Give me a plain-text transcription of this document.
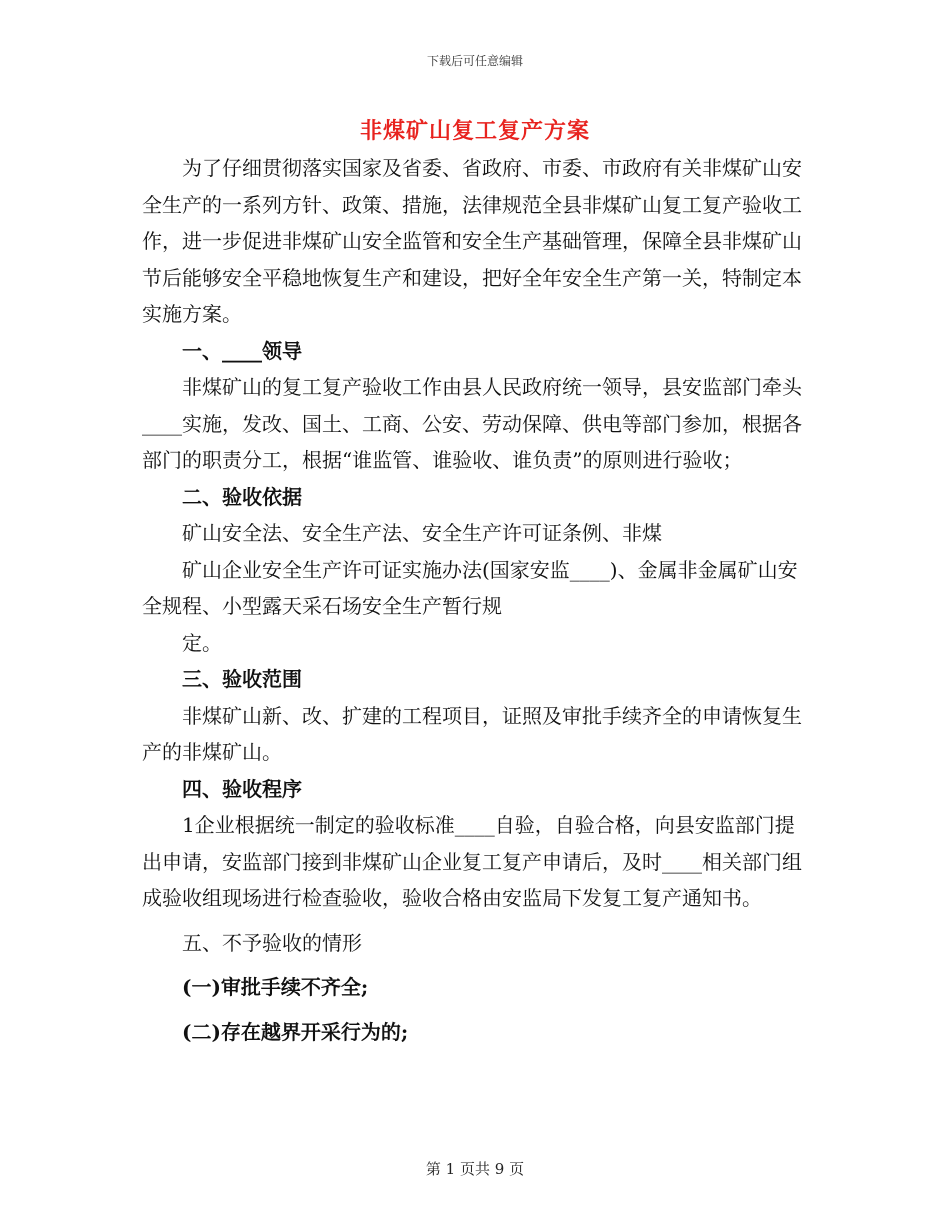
下载后可任意编辑
非煤矿山复工复产方案

为了仔细贯彻落实国家及省委、省政府、市委、市政府有关非煤矿山安全生产的一系列方针、政策、措施，法律规范全县非煤矿山复工复产验收工作，进一步促进非煤矿山安全监管和安全生产基础管理，保障全县非煤矿山节后能够安全平稳地恢复生产和建设，把好全年安全生产第一关，特制定本实施方案。

一、____领导

非煤矿山的复工复产验收工作由县人民政府统一领导，县安监部门牵头____实施，发改、国土、工商、公安、劳动保障、供电等部门参加，根据各部门的职责分工，根据“谁监管、谁验收、谁负责”的原则进行验收；

二、验收依据

矿山安全法、安全生产法、安全生产许可证条例、非煤

矿山企业安全生产许可证实施办法(国家安监____)、金属非金属矿山安全规程、小型露天采石场安全生产暂行规

定。

三、验收范围

非煤矿山新、改、扩建的工程项目，证照及审批手续齐全的申请恢复生产的非煤矿山。

四、验收程序

1企业根据统一制定的验收标准____自验，自验合格，向县安监部门提出申请，安监部门接到非煤矿山企业复工复产申请后，及时____相关部门组成验收组现场进行检查验收，验收合格由安监局下发复工复产通知书。

五、不予验收的情形

(一)审批手续不齐全;

(二)存在越界开采行为的;

第 1 页共 9 页
